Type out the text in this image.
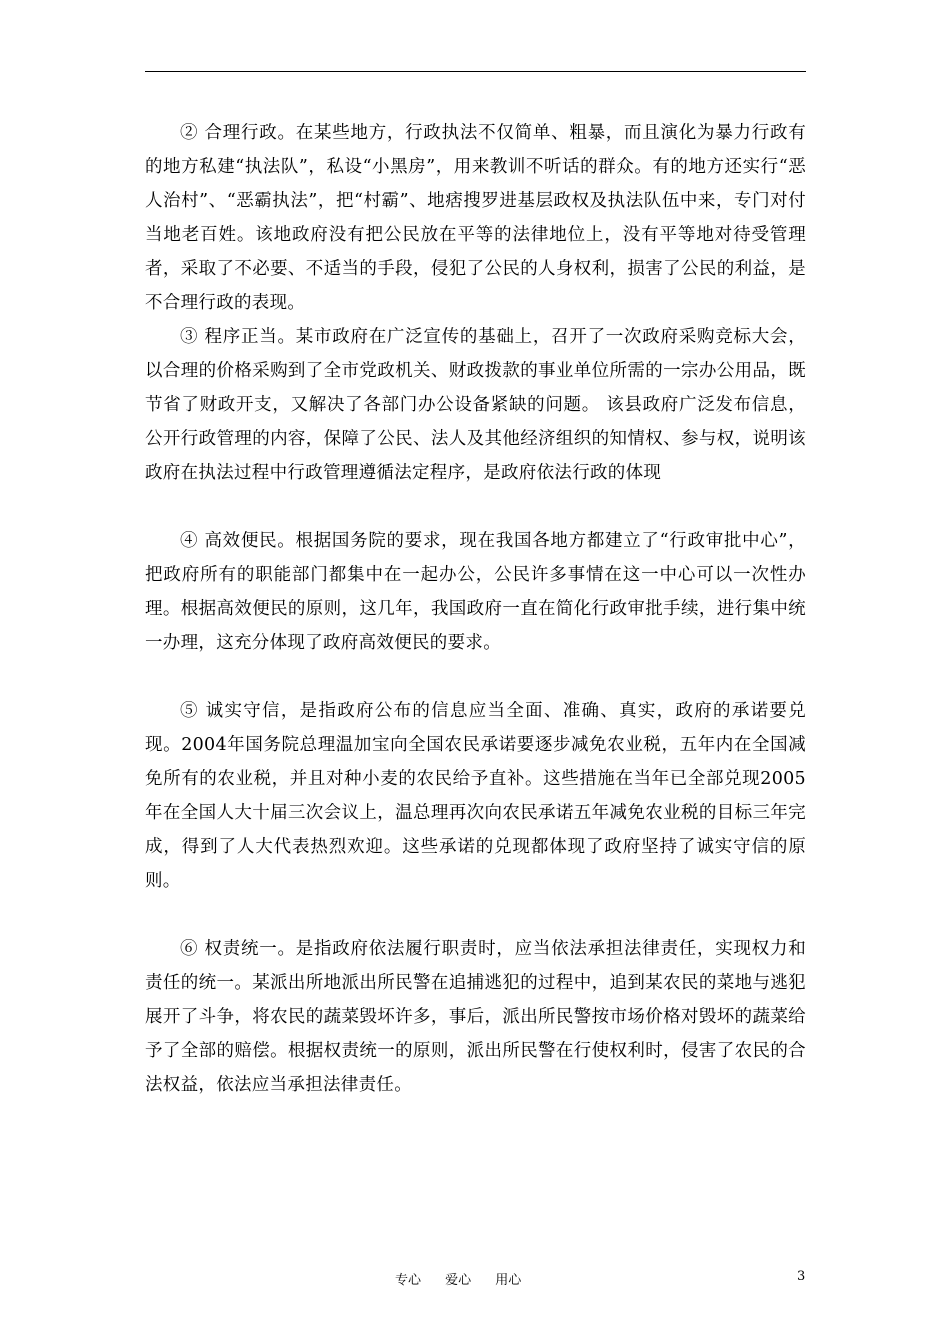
② 合理行政。在某些地方，行政执法不仅简单、粗暴，而且演化为暴力行政有的地方私建“执法队”，私设“小黑房”，用来教训不听话的群众。有的地方还实行“恶人治村”、“恶霸执法”，把“村霸”、地痞搜罗进基层政权及执法队伍中来，专门对付当地老百姓。该地政府没有把公民放在平等的法律地位上，没有平等地对待受管理者，采取了不必要、不适当的手段，侵犯了公民的人身权利，损害了公民的利益，是不合理行政的表现。

③ 程序正当。某市政府在广泛宣传的基础上，召开了一次政府采购竞标大会，以合理的价格采购到了全市党政机关、财政拨款的事业单位所需的一宗办公用品，既节省了财政开支，又解决了各部门办公设备紧缺的问题。 该县政府广泛发布信息，公开行政管理的内容，保障了公民、法人及其他经济组织的知情权、参与权，说明该政府在执法过程中行政管理遵循法定程序，是政府依法行政的体现

④ 高效便民。根据国务院的要求，现在我国各地方都建立了“行政审批中心”，把政府所有的职能部门都集中在一起办公，公民许多事情在这一中心可以一次性办理。根据高效便民的原则，这几年，我国政府一直在简化行政审批手续，进行集中统一办理，这充分体现了政府高效便民的要求。

⑤ 诚实守信，是指政府公布的信息应当全面、准确、真实，政府的承诺要兑现。2004年国务院总理温加宝向全国农民承诺要逐步减免农业税，五年内在全国减免所有的农业税，并且对种小麦的农民给予直补。这些措施在当年已全部兑现2005年在全国人大十届三次会议上，温总理再次向农民承诺五年减免农业税的目标三年完成，得到了人大代表热烈欢迎。这些承诺的兑现都体现了政府坚持了诚实守信的原则。

⑥ 权责统一。是指政府依法履行职责时，应当依法承担法律责任，实现权力和责任的统一。某派出所地派出所民警在追捕逃犯的过程中，追到某农民的菜地与逃犯展开了斗争，将农民的蔬菜毁坏许多，事后，派出所民警按市场价格对毁坏的蔬菜给予了全部的赔偿。根据权责统一的原则，派出所民警在行使权利时，侵害了农民的合法权益，依法应当承担法律责任。

专心 爱心 用心	3
